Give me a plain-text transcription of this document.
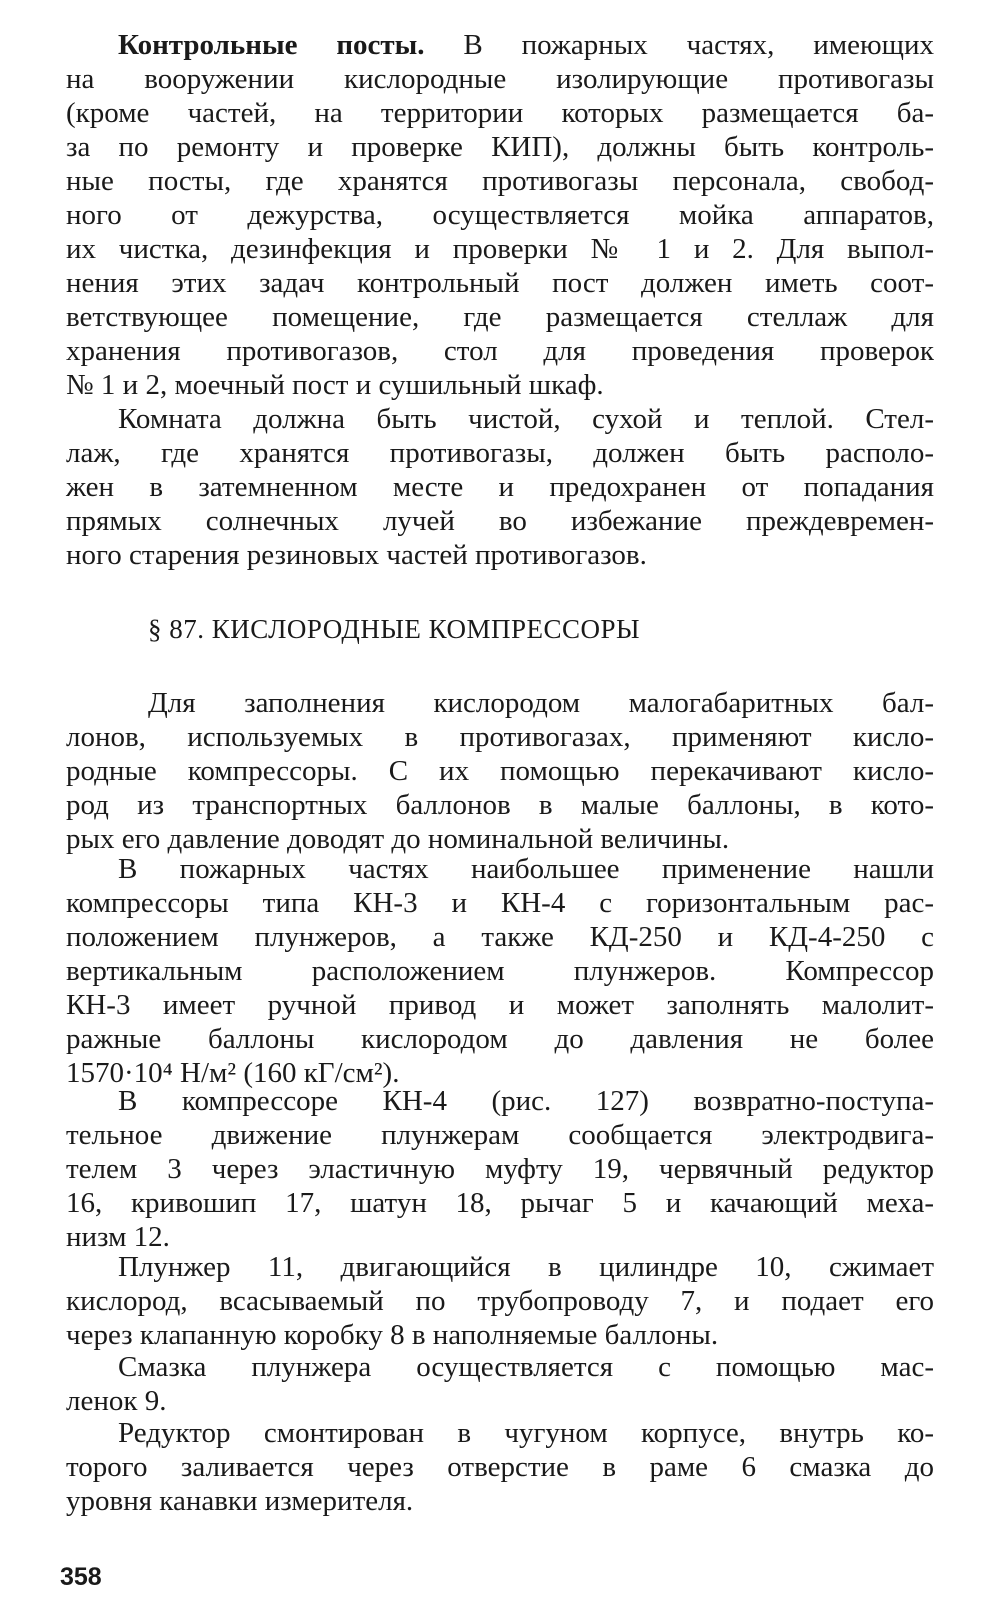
Контрольные посты. В пожарных частях, имеющих
на вооружении кислородные изолирующие противогазы
(кроме частей, на территории которых размещается ба-
за по ремонту и проверке КИП), должны быть контроль-
ные посты, где хранятся противогазы персонала, свобод-
ного от дежурства, осуществляется мойка аппаратов,
их чистка, дезинфекция и проверки № 1 и 2. Для выпол-
нения этих задач контрольный пост должен иметь соот-
ветствующее помещение, где размещается стеллаж для
хранения противогазов, стол для проведения проверок
№ 1 и 2, моечный пост и сушильный шкаф.
Комната должна быть чистой, сухой и теплой. Стел-
лаж, где хранятся противогазы, должен быть располо-
жен в затемненном месте и предохранен от попадания
прямых солнечных лучей во избежание преждевремен-
ного старения резиновых частей противогазов.
§ 87. КИСЛОРОДНЫЕ КОМПРЕССОРЫ
Для заполнения кислородом малогабаритных бал-
лонов, используемых в противогазах, применяют кисло-
родные компрессоры. С их помощью перекачивают кисло-
род из транспортных баллонов в малые баллоны, в кото-
рых его давление доводят до номинальной величины.
В пожарных частях наибольшее применение нашли
компрессоры типа КН-3 и КН-4 с горизонтальным рас-
положением плунжеров, а также КД-250 и КД-4-250 с
вертикальным расположением плунжеров. Компрессор
КН-3 имеет ручной привод и может заполнять малолит-
ражные баллоны кислородом до давления не более
1570·10⁴ Н/м² (160 кГ/см²).
В компрессоре КН-4 (рис. 127) возвратно-поступа-
тельное движение плунжерам сообщается электродвига-
телем 3 через эластичную муфту 19, червячный редуктор
16, кривошип 17, шатун 18, рычаг 5 и качающий меха-
низм 12.
Плунжер 11, двигающийся в цилиндре 10, сжимает
кислород, всасываемый по трубопроводу 7, и подает его
через клапанную коробку 8 в наполняемые баллоны.
Смазка плунжера осуществляется с помощью мас-
ленок 9.
Редуктор смонтирован в чугуном корпусе, внутрь ко-
торого заливается через отверстие в раме 6 смазка до
уровня канавки измерителя.
358
